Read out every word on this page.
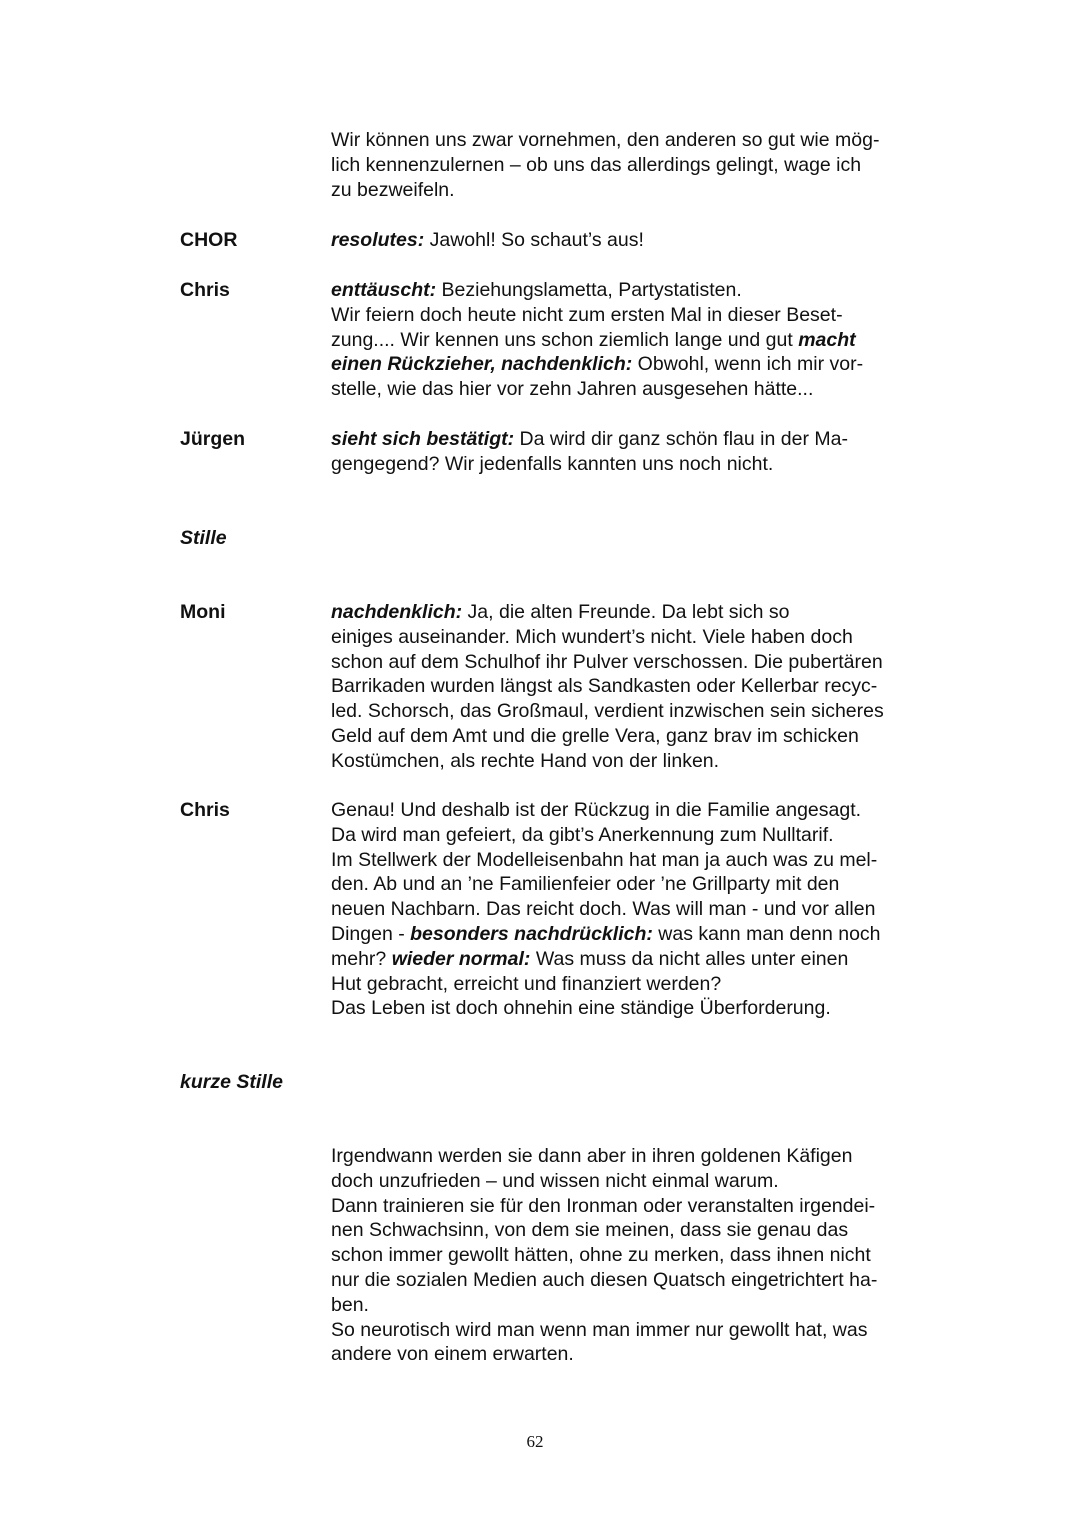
Wir können uns zwar vornehmen, den anderen so gut wie mög-
lich kennenzulernen – ob uns das allerdings gelingt, wage ich
zu bezweifeln.
CHOR	resolutes: Jawohl! So schaut’s aus!
Chris	enttäuscht: Beziehungslametta, Partystatisten.
Wir feiern doch heute nicht zum ersten Mal in dieser Beset-
zung.... Wir kennen uns schon ziemlich lange und gut macht
einen Rückzieher, nachdenklich: Obwohl, wenn ich mir vor-
stelle, wie das hier vor zehn Jahren ausgesehen hätte...
Jürgen	sieht sich bestätigt: Da wird dir ganz schön flau in der Ma-
gengegend? Wir jedenfalls kannten uns noch nicht.
Stille
Moni	nachdenklich: Ja, die alten Freunde. Da lebt sich so
einiges auseinander. Mich wundert’s nicht. Viele haben doch
schon auf dem Schulhof ihr Pulver verschossen. Die pubertären
Barrikaden wurden längst als Sandkasten oder Kellerbar recyc-
led. Schorsch, das Großmaul, verdient inzwischen sein sicheres
Geld auf dem Amt und die grelle Vera, ganz brav im schicken
Kostümchen, als rechte Hand von der linken.
Chris	Genau! Und deshalb ist der Rückzug in die Familie angesagt.
Da wird man gefeiert, da gibt’s Anerkennung zum Nulltarif.
Im Stellwerk der Modelleisenbahn hat man ja auch was zu mel-
den. Ab und an ’ne Familienfeier oder ’ne Grillparty mit den
neuen Nachbarn. Das reicht doch. Was will man - und vor allen
Dingen - besonders nachdrücklich: was kann man denn noch
mehr? wieder normal: Was muss da nicht alles unter einen
Hut gebracht, erreicht und finanziert werden?
Das Leben ist doch ohnehin eine ständige Überforderung.
kurze Stille
Irgendwann werden sie dann aber in ihren goldenen Käfigen
doch unzufrieden – und wissen nicht einmal warum.
Dann trainieren sie für den Ironman oder veranstalten irgendei-
nen Schwachsinn, von dem sie meinen, dass sie genau das
schon immer gewollt hätten, ohne zu merken, dass ihnen nicht
nur die sozialen Medien auch diesen Quatsch eingetrichtert ha-
ben.
So neurotisch wird man wenn man immer nur gewollt hat, was
andere von einem erwarten.
62
